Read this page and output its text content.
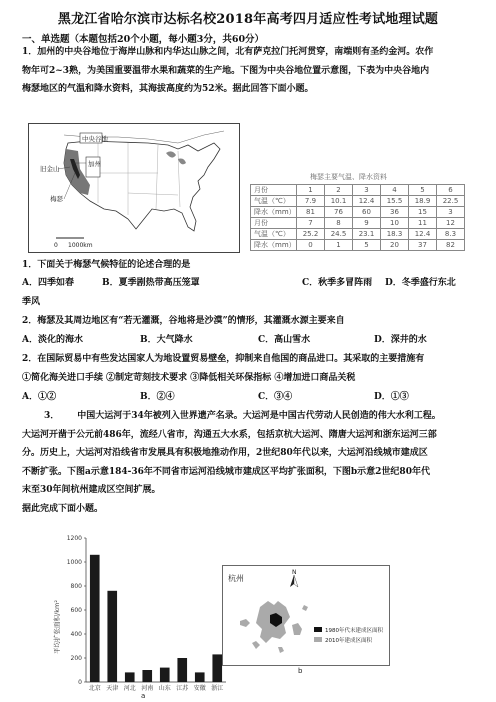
黑龙江省哈尔滨市达标名校2018年高考四月适应性考试地理试题
一、单选题（本题包括20个小题，每小题3分，共60分）
1．加州的中央谷地位于海岸山脉和内华达山脉之间，北有萨克拉门托河贯穿，南端则有圣约金河。农作
物年可2~3熟，为美国重要温带水果和蔬菜的生产地。下图为中央谷地位置示意图，下表为中央谷地内
梅瑟地区的气温和降水资料，其海拔高度约为52米。据此回答下面小题。
中央谷地
加州
旧金山
梅瑟
0 1000km
梅瑟主要气温、降水资料
月份	1	2	3	4	5	6
气温（℃）	7.9	10.1	12.4	15.5	18.9	22.5
降水（mm）	81	76	60	36	15	3
月份	7	8	9	10	11	12
气温（℃）	25.2	24.5	23.1	18.3	12.4	8.3
降水（mm）	0	1	5	20	37	82
1．下面关于梅瑟气候特征的论述合理的是
A．四季如春	B．夏季剧热带高压笼罩	C．秋季多冒阵雨 D．冬季盛行东北
季风
2．梅瑟及其周边地区有“若无灌溉，谷地将是沙漠”的情形，其灌溉水源主要来自
A．淡化的海水	B．大气降水	C．高山雪水	D．深井的水
2．在国际贸易中有些发达国家人为地设置贸易壁垒，抑制来自他国的商品进口。其采取的主要措施有
①简化海关进口手续 ②制定苛刻技术要求 ③降低相关环保指标 ④增加进口商品关税
A．①②	B．②④	C．③④	D．①③
3． 中国大运河于34年被列入世界遗产名录。大运河是中国古代劳动人民创造的伟大水利工程。
大运河开凿于公元前486年，流经八省市，沟通五大水系，包括京杭大运河、隋唐大运河和浙东运河三部
分。历史上，大运河对沿线省市发展具有积极地推动作用，2世纪80年代以来，大运河沿线城市建成区
不断扩张。下图a示意184-36年不同省市运河沿线城市建成区平均扩张面积，下图b示意2世纪80年代
末至30年间杭州建成区空间扩展。
据此完成下面小题。
平均扩张面积/km²
0
200
400
600
800
1000
1200
北京 天津 河北 河南 山东 江苏 安徽 浙江
a
杭州
N
1980年代末建成区面积
2010年建成区面积
b
